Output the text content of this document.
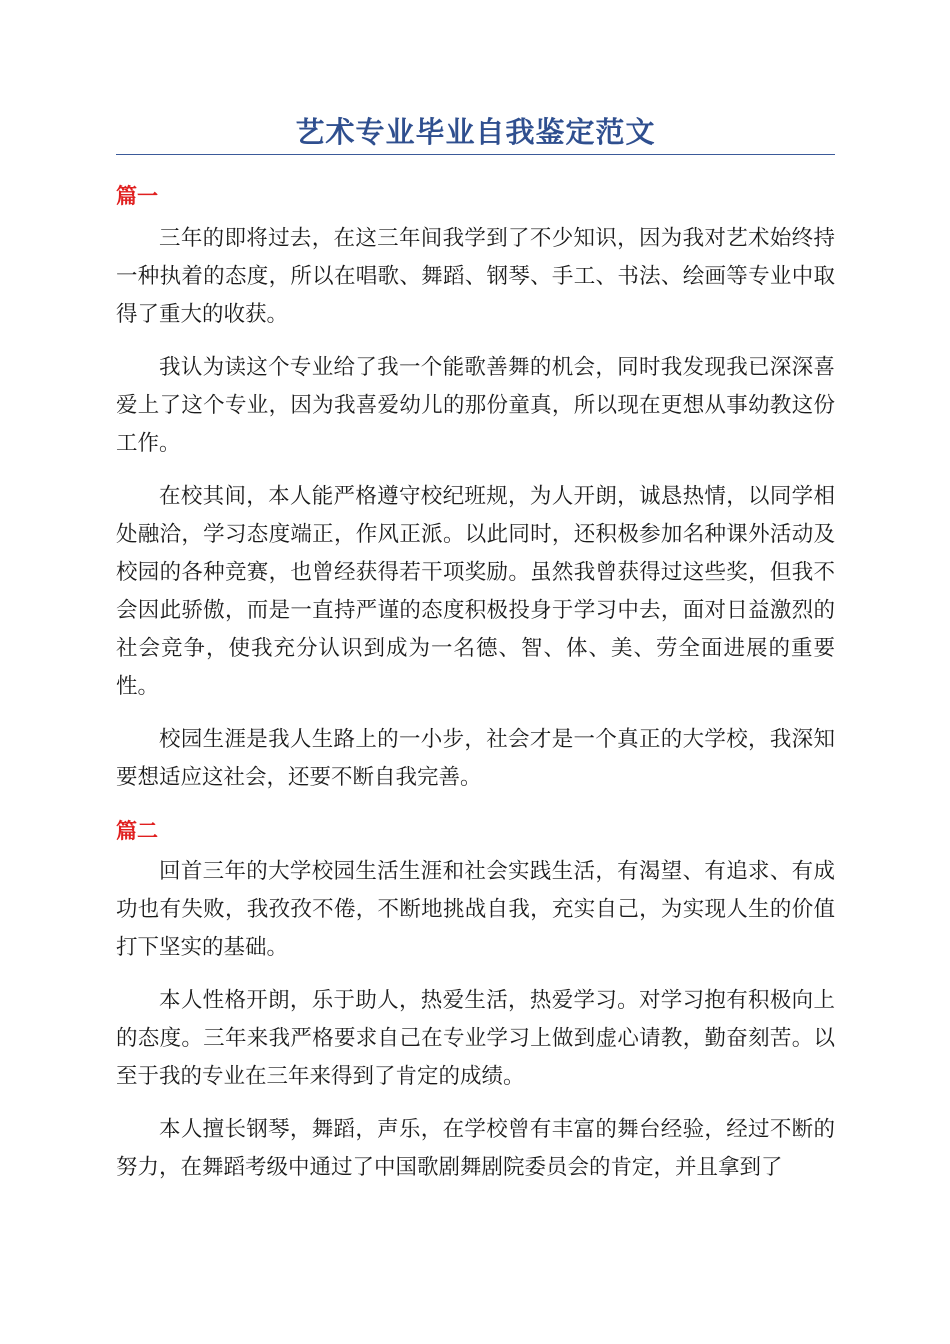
艺术专业毕业自我鉴定范文
篇一

三年的即将过去，在这三年间我学到了不少知识，因为我对艺术始终持一种执着的态度，所以在唱歌、舞蹈、钢琴、手工、书法、绘画等专业中取得了重大的收获。

我认为读这个专业给了我一个能歌善舞的机会，同时我发现我已深深喜爱上了这个专业，因为我喜爱幼儿的那份童真，所以现在更想从事幼教这份工作。

在校其间，本人能严格遵守校纪班规，为人开朗，诚恳热情，以同学相处融洽，学习态度端正，作风正派。以此同时，还积极参加名种课外活动及校园的各种竞赛，也曾经获得若干项奖励。虽然我曾获得过这些奖，但我不会因此骄傲，而是一直持严谨的态度积极投身于学习中去，面对日益激烈的社会竞争，使我充分认识到成为一名德、智、体、美、劳全面进展的重要性。

校园生涯是我人生路上的一小步，社会才是一个真正的大学校，我深知要想适应这社会，还要不断自我完善。

篇二

回首三年的大学校园生活生涯和社会实践生活，有渴望、有追求、有成功也有失败，我孜孜不倦，不断地挑战自我，充实自己，为实现人生的价值打下坚实的基础。

本人性格开朗，乐于助人，热爱生活，热爱学习。对学习抱有积极向上的态度。三年来我严格要求自己在专业学习上做到虚心请教，勤奋刻苦。以至于我的专业在三年来得到了肯定的成绩。

本人擅长钢琴，舞蹈，声乐，在学校曾有丰富的舞台经验，经过不断的努力，在舞蹈考级中通过了中国歌剧舞剧院委员会的肯定，并且拿到了
